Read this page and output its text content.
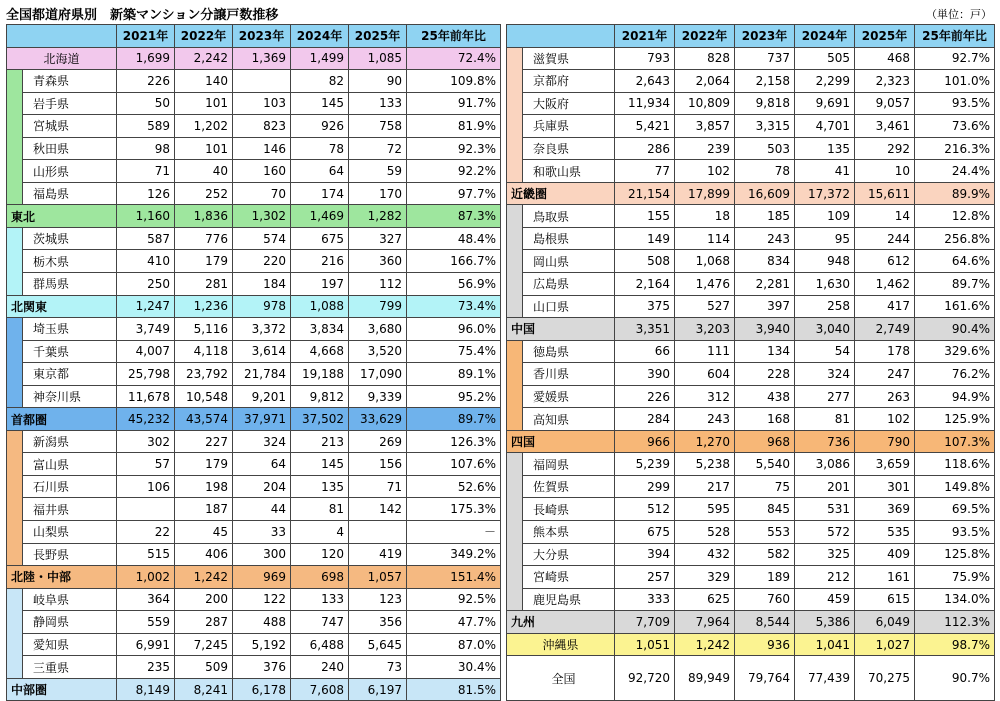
全国都道府県別　新築マンション分譲戸数推移	（単位：戸）
		2021年	2022年	2023年	2024年	2025年	25年前年比
北海道		1,699	2,242	1,369	1,499	1,085	72.4%
	青森県	226	140		82	90	109.8%
	岩手県	50	101	103	145	133	91.7%
	宮城県	589	1,202	823	926	758	81.9%
	秋田県	98	101	146	78	72	92.3%
	山形県	71	40	160	64	59	92.2%
	福島県	126	252	70	174	170	97.7%
東北		1,160	1,836	1,302	1,469	1,282	87.3%
	茨城県	587	776	574	675	327	48.4%
	栃木県	410	179	220	216	360	166.7%
	群馬県	250	281	184	197	112	56.9%
北関東		1,247	1,236	978	1,088	799	73.4%
	埼玉県	3,749	5,116	3,372	3,834	3,680	96.0%
	千葉県	4,007	4,118	3,614	4,668	3,520	75.4%
	東京都	25,798	23,792	21,784	19,188	17,090	89.1%
	神奈川県	11,678	10,548	9,201	9,812	9,339	95.2%
首都圏		45,232	43,574	37,971	37,502	33,629	89.7%
	新潟県	302	227	324	213	269	126.3%
	富山県	57	179	64	145	156	107.6%
	石川県	106	198	204	135	71	52.6%
	福井県		187	44	81	142	175.3%
	山梨県	22	45	33	4		－
	長野県	515	406	300	120	419	349.2%
北陸・中部		1,002	1,242	969	698	1,057	151.4%
	岐阜県	364	200	122	133	123	92.5%
	静岡県	559	287	488	747	356	47.7%
	愛知県	6,991	7,245	5,192	6,488	5,645	87.0%
	三重県	235	509	376	240	73	30.4%
中部圏		8,149	8,241	6,178	7,608	6,197	81.5%
		2021年	2022年	2023年	2024年	2025年	25年前年比
	滋賀県	793	828	737	505	468	92.7%
	京都府	2,643	2,064	2,158	2,299	2,323	101.0%
	大阪府	11,934	10,809	9,818	9,691	9,057	93.5%
	兵庫県	5,421	3,857	3,315	4,701	3,461	73.6%
	奈良県	286	239	503	135	292	216.3%
	和歌山県	77	102	78	41	10	24.4%
近畿圏		21,154	17,899	16,609	17,372	15,611	89.9%
	鳥取県	155	18	185	109	14	12.8%
	島根県	149	114	243	95	244	256.8%
	岡山県	508	1,068	834	948	612	64.6%
	広島県	2,164	1,476	2,281	1,630	1,462	89.7%
	山口県	375	527	397	258	417	161.6%
中国		3,351	3,203	3,940	3,040	2,749	90.4%
	徳島県	66	111	134	54	178	329.6%
	香川県	390	604	228	324	247	76.2%
	愛媛県	226	312	438	277	263	94.9%
	高知県	284	243	168	81	102	125.9%
四国		966	1,270	968	736	790	107.3%
	福岡県	5,239	5,238	5,540	3,086	3,659	118.6%
	佐賀県	299	217	75	201	301	149.8%
	長崎県	512	595	845	531	369	69.5%
	熊本県	675	528	553	572	535	93.5%
	大分県	394	432	582	325	409	125.8%
	宮崎県	257	329	189	212	161	75.9%
	鹿児島県	333	625	760	459	615	134.0%
九州		7,709	7,964	8,544	5,386	6,049	112.3%
沖縄県		1,051	1,242	936	1,041	1,027	98.7%
全国		92,720	89,949	79,764	77,439	70,275	90.7%
